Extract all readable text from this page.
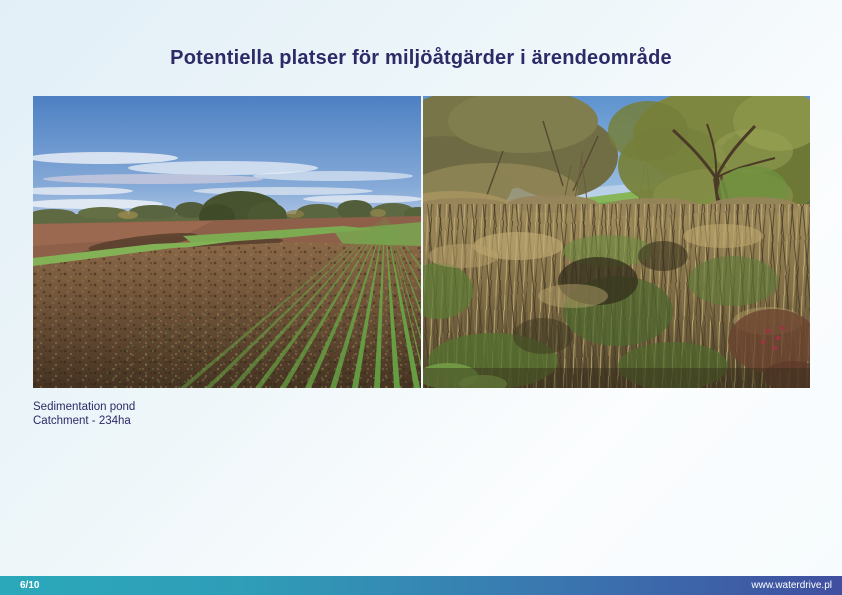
Potentiella platser för miljöåtgärder i ärendeområde
Sedimentation pond
Catchment - 234ha
6/10	www.waterdrive.pl
